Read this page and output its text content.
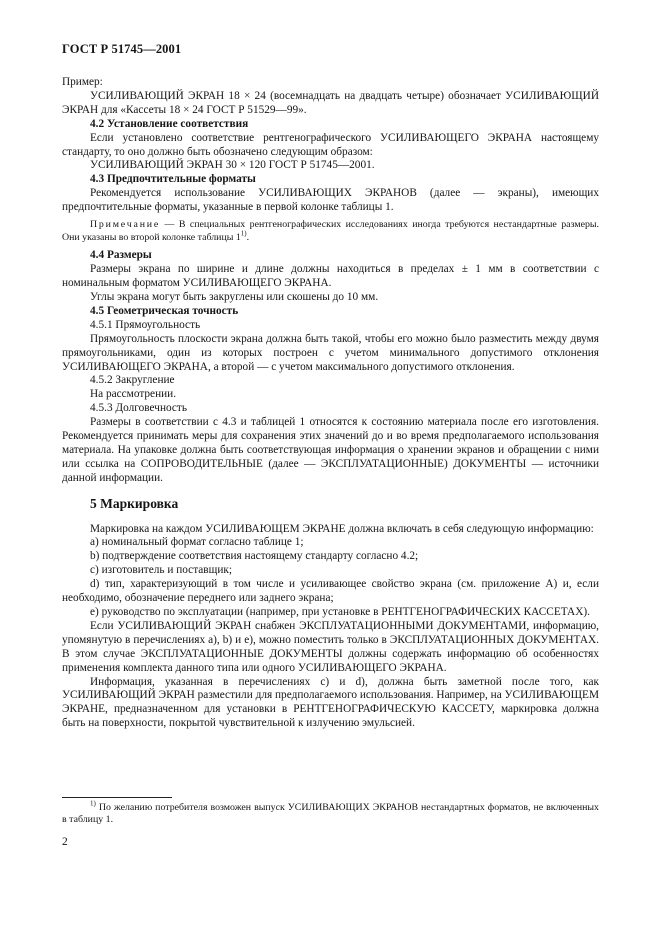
ГОСТ Р 51745—2001

Пример:

УСИЛИВАЮЩИЙ ЭКРАН 18 × 24 (восемнадцать на двадцать четыре) обозначает УСИЛИВАЮЩИЙ ЭКРАН для «Кассеты 18 × 24 ГОСТ Р 51529—99».

4.2 Установление соответствия

Если установлено соответствие рентгенографического УСИЛИВАЮЩЕГО ЭКРАНА настоящему стандарту, то оно должно быть обозначено следующим образом:

УСИЛИВАЮЩИЙ ЭКРАН 30 × 120 ГОСТ Р 51745—2001.

4.3 Предпочтительные форматы

Рекомендуется использование УСИЛИВАЮЩИХ ЭКРАНОВ (далее — экраны), имеющих предпочтительные форматы, указанные в первой колонке таблицы 1.

Примечание — В специальных рентгенографических исследованиях иногда требуются нестандартные размеры. Они указаны во второй колонке таблицы 1$^{1)}$.

4.4 Размеры

Размеры экрана по ширине и длине должны находиться в пределах ± 1 мм в соответствии с номинальным форматом УСИЛИВАЮЩЕГО ЭКРАНА.

Углы экрана могут быть закруглены или скошены до 10 мм.

4.5 Геометрическая точность

4.5.1 Прямоугольность

Прямоугольность плоскости экрана должна быть такой, чтобы его можно было разместить между двумя прямоугольниками, один из которых построен с учетом минимального допустимого отклонения УСИЛИВАЮЩЕГО ЭКРАНА, а второй — с учетом максимального допустимого отклонения.

4.5.2 Закругление

На рассмотрении.

4.5.3 Долговечность

Размеры в соответствии с 4.3 и таблицей 1 относятся к состоянию материала после его изготовления. Рекомендуется принимать меры для сохранения этих значений до и во время предполагаемого использования материала. На упаковке должна быть соответствующая информация о хранении экранов и обращении с ними или ссылка на СОПРОВОДИТЕЛЬНЫЕ (далее — ЭКСПЛУАТАЦИОННЫЕ) ДОКУМЕНТЫ — источники данной информации.

5 Маркировка

Маркировка на каждом УСИЛИВАЮЩЕМ ЭКРАНЕ должна включать в себя следующую информацию:

a) номинальный формат согласно таблице 1;

b) подтверждение соответствия настоящему стандарту согласно 4.2;

c) изготовитель и поставщик;

d) тип, характеризующий в том числе и усиливающее свойство экрана (см. приложение А) и, если необходимо, обозначение переднего или заднего экрана;

e) руководство по эксплуатации (например, при установке в РЕНТГЕНОГРАФИЧЕСКИХ КАССЕТАХ).

Если УСИЛИВАЮЩИЙ ЭКРАН снабжен ЭКСПЛУАТАЦИОННЫМИ ДОКУМЕНТАМИ, информацию, упомянутую в перечислениях a), b) и e), можно поместить только в ЭКСПЛУАТАЦИОННЫХ ДОКУМЕНТАХ. В этом случае ЭКСПЛУАТАЦИОННЫЕ ДОКУМЕНТЫ должны содержать информацию об особенностях применения комплекта данного типа или одного УСИЛИВАЮЩЕГО ЭКРАНА.

Информация, указанная в перечислениях c) и d), должна быть заметной после того, как УСИЛИВАЮЩИЙ ЭКРАН разместили для предполагаемого использования. Например, на УСИЛИВАЮЩЕМ ЭКРАНЕ, предназначенном для установки в РЕНТГЕНОГРАФИЧЕСКУЮ КАССЕТУ, маркировка должна быть на поверхности, покрытой чувствительной к излучению эмульсией.

$^{1)}$ По желанию потребителя возможен выпуск УСИЛИВАЮЩИХ ЭКРАНОВ нестандартных форматов, не включенных в таблицу 1.
2
